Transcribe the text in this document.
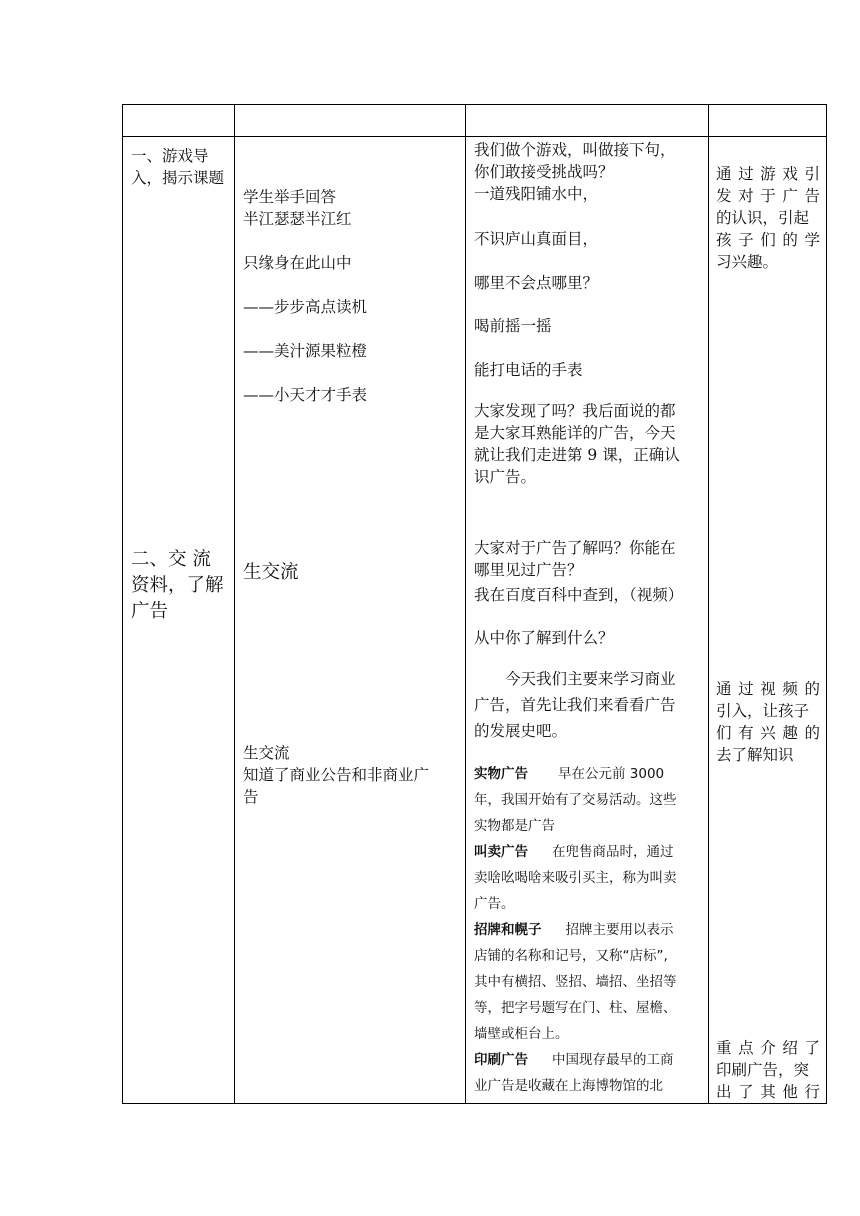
一、游戏导
入，揭示课题
二、交 流
资料，了解
广告
学生举手回答
半江瑟瑟半江红
只缘身在此山中
——步步高点读机
——美汁源果粒橙
——小天才才手表
生交流
生交流
知道了商业公告和非商业广
告
我们做个游戏，叫做接下句，
你们敢接受挑战吗？
一道残阳铺水中，
不识庐山真面目，
哪里不会点哪里？
喝前摇一摇
能打电话的手表
大家发现了吗？我后面说的都
是大家耳熟能详的广告，今天
就让我们走进第 9 课，正确认
识广告。
大家对于广告了解吗？你能在
哪里见过广告？
我在百度百科中查到，（视频）
从中你了解到什么？
今天我们主要来学习商业
广告，首先让我们来看看广告
的发展史吧。
实物广告 早在公元前 3000
年，我国开始有了交易活动。这些
实物都是广告
叫卖广告 在兜售商品时，通过
卖啥吆喝啥来吸引买主，称为叫卖
广告。
招牌和幌子 招牌主要用以表示
店铺的名称和记号，又称“店标”,
其中有横招、竖招、墙招、坐招等
等，把字号题写在门、柱、屋檐、
墙壁或柜台上。
印刷广告 中国现存最早的工商
业广告是收藏在上海博物馆的北
通过游戏引
发对于广告
的认识，引起
孩子们的学
习兴趣。
通过视频的
引入，让孩子
们有兴趣的
去了解知识
重点介绍了
印刷广告，突
出了其他行
